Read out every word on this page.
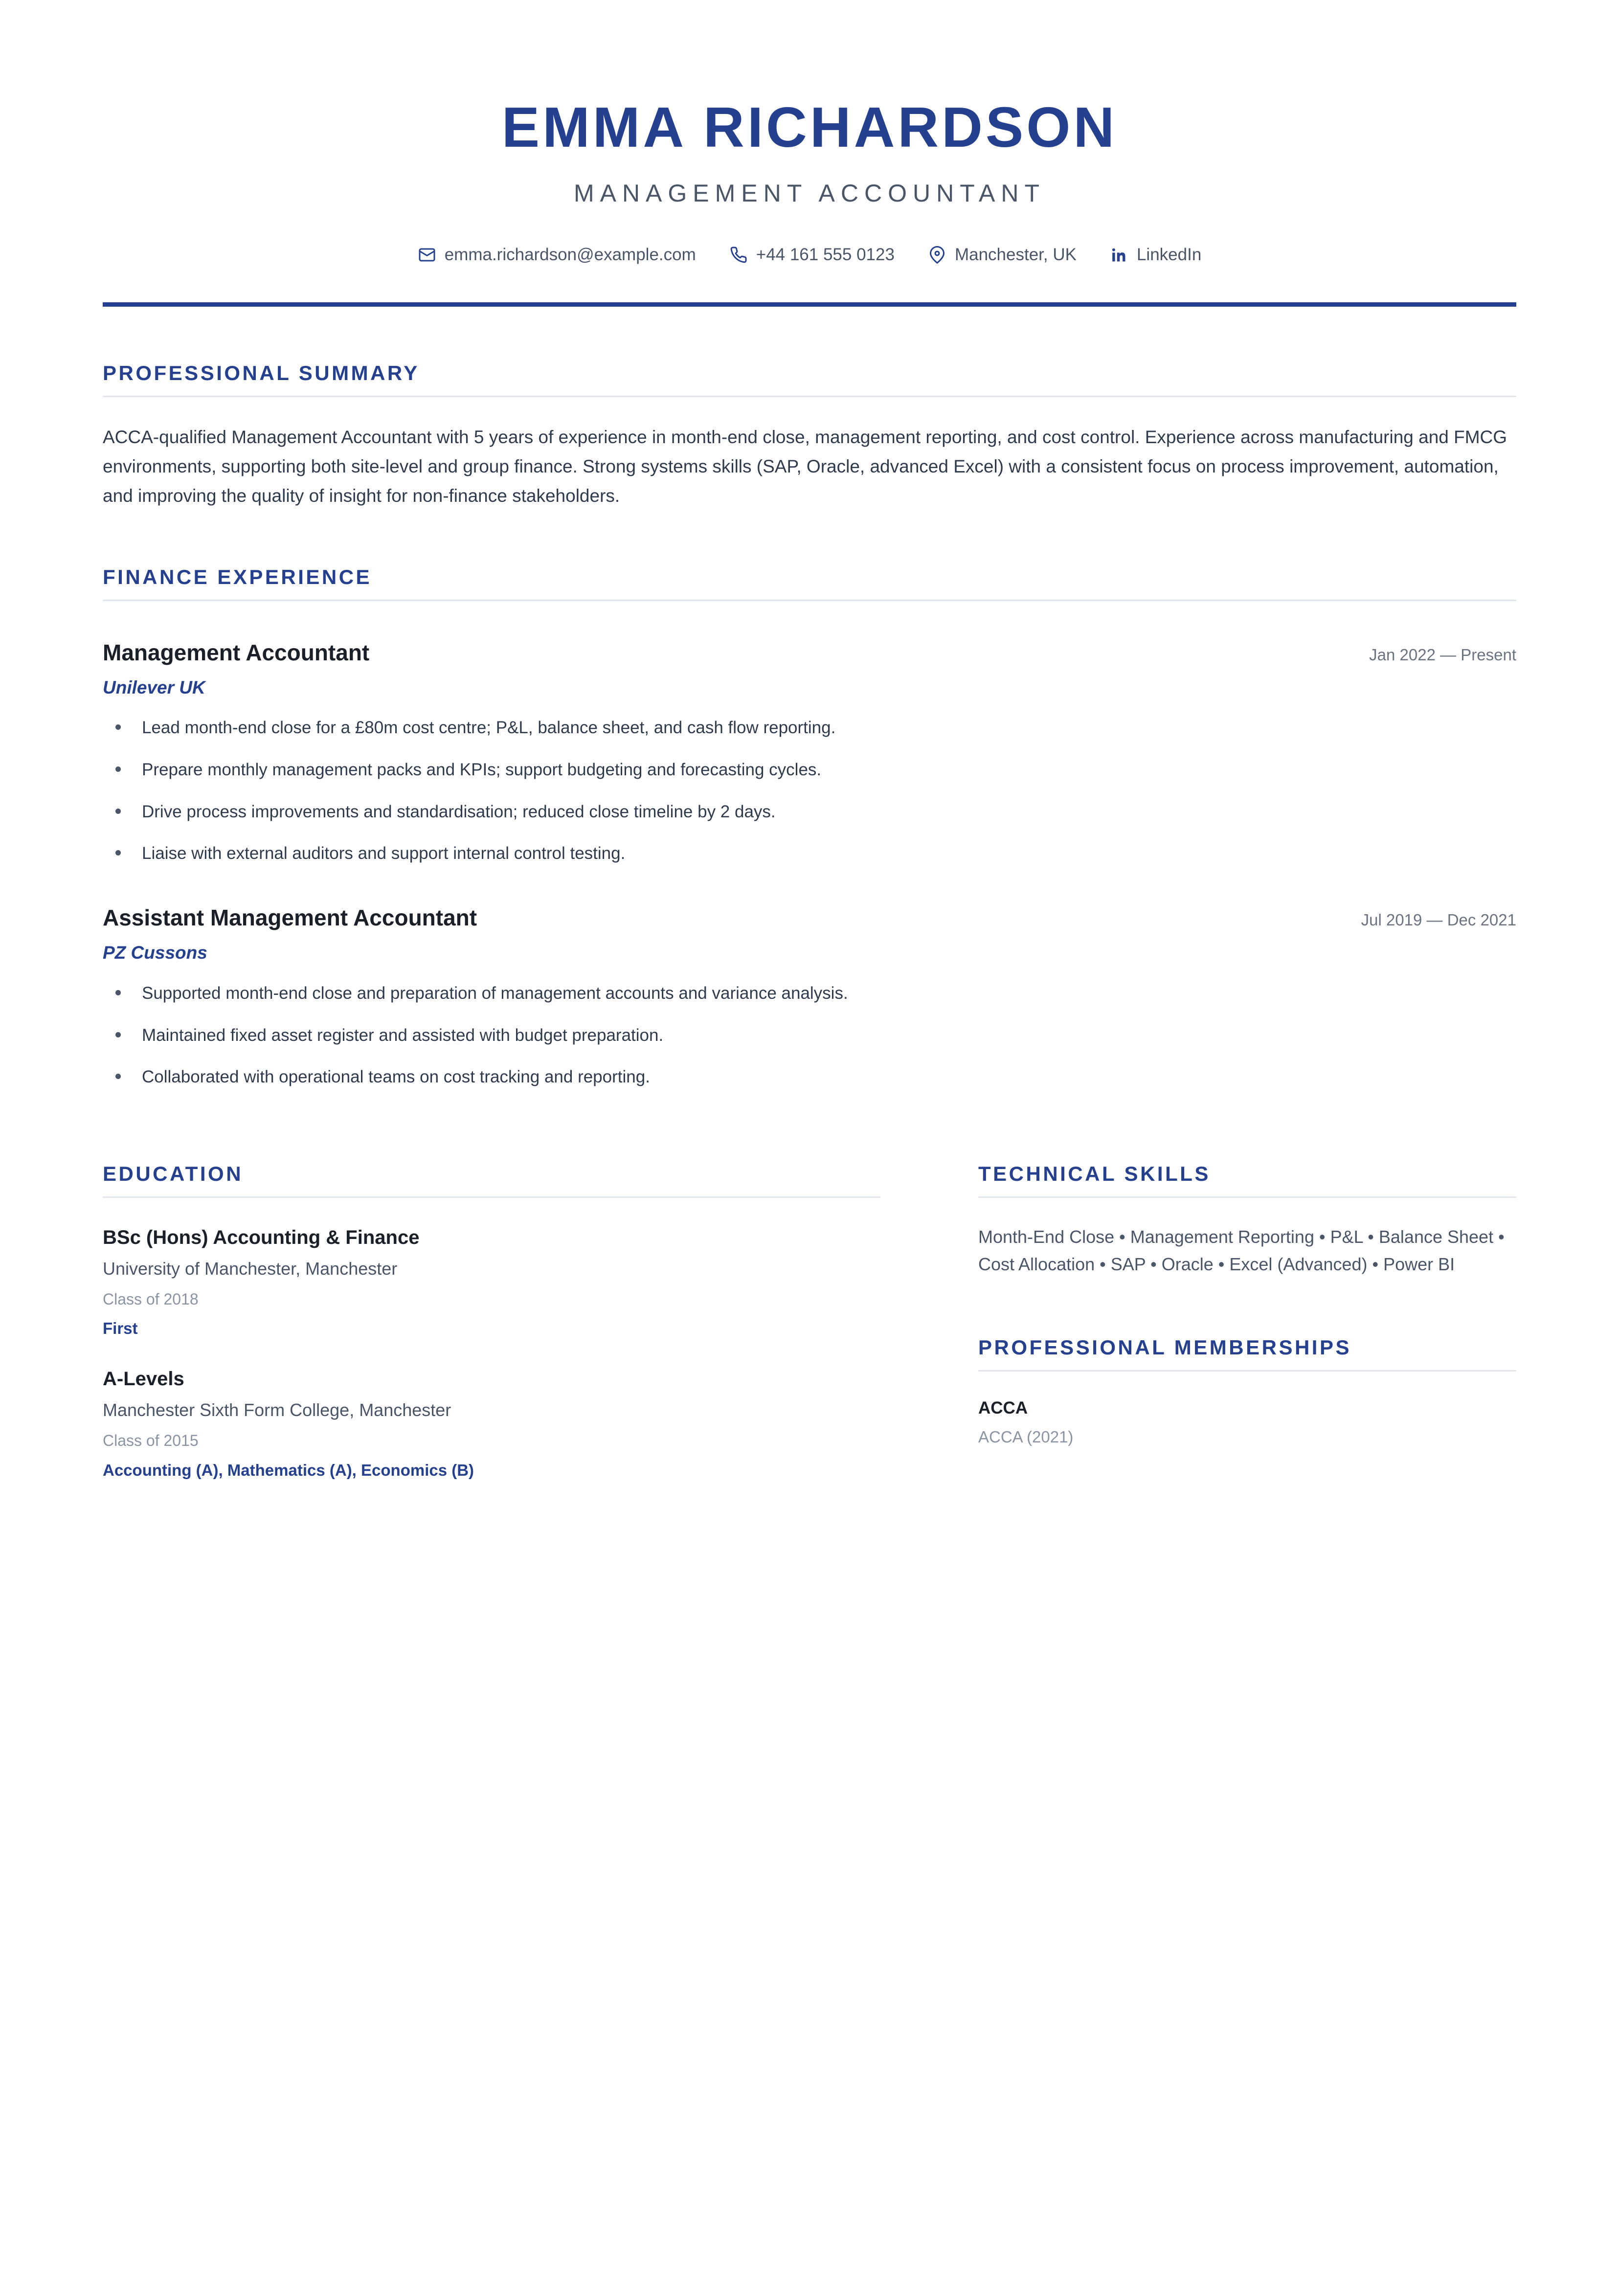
EMMA RICHARDSON
MANAGEMENT ACCOUNTANT
emma.richardson@example.com	+44 161 555 0123	Manchester, UK	LinkedIn
PROFESSIONAL SUMMARY

ACCA-qualified Management Accountant with 5 years of experience in month-end close, management reporting, and cost control. Experience across manufacturing and FMCG environments, supporting both site-level and group finance. Strong systems skills (SAP, Oracle, advanced Excel) with a consistent focus on process improvement, automation, and improving the quality of insight for non-finance stakeholders.

FINANCE EXPERIENCE
Management Accountant	Jan 2022 — Present
Unilever UK
Lead month-end close for a £80m cost centre; P&L, balance sheet, and cash flow reporting.
Prepare monthly management packs and KPIs; support budgeting and forecasting cycles.
Drive process improvements and standardisation; reduced close timeline by 2 days.
Liaise with external auditors and support internal control testing.
Assistant Management Accountant	Jul 2019 — Dec 2021
PZ Cussons
Supported month-end close and preparation of management accounts and variance analysis.
Maintained fixed asset register and assisted with budget preparation.
Collaborated with operational teams on cost tracking and reporting.
EDUCATION
BSc (Hons) Accounting & Finance
University of Manchester, Manchester
Class of 2018
First
A-Levels
Manchester Sixth Form College, Manchester
Class of 2015
Accounting (A), Mathematics (A), Economics (B)
TECHNICAL SKILLS
Month-End Close • Management Reporting • P&L • Balance Sheet • Cost Allocation • SAP • Oracle • Excel (Advanced) • Power BI
PROFESSIONAL MEMBERSHIPS
ACCA
ACCA (2021)
